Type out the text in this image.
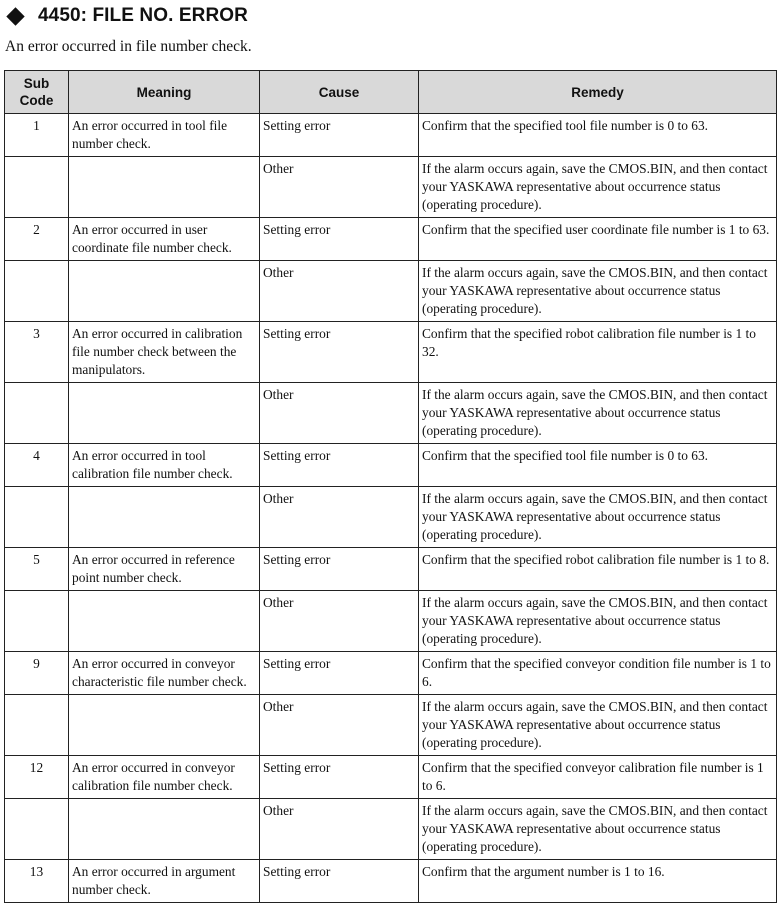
4450: FILE NO. ERROR
An error occurred in file number check.
Sub Code	Meaning	Cause	Remedy
1	An error occurred in tool file number check.	Setting error	Confirm that the specified tool file number is 0 to 63.
		Other	If the alarm occurs again, save the CMOS.BIN, and then contact your YASKAWA representative about occurrence status (operating procedure).
2	An error occurred in user coordinate file number check.	Setting error	Confirm that the specified user coordinate file number is 1 to 63.
		Other	If the alarm occurs again, save the CMOS.BIN, and then contact your YASKAWA representative about occurrence status (operating procedure).
3	An error occurred in calibration file number check between the manipulators.	Setting error	Confirm that the specified robot calibration file number is 1 to 32.
		Other	If the alarm occurs again, save the CMOS.BIN, and then contact your YASKAWA representative about occurrence status (operating procedure).
4	An error occurred in tool calibration file number check.	Setting error	Confirm that the specified tool file number is 0 to 63.
		Other	If the alarm occurs again, save the CMOS.BIN, and then contact your YASKAWA representative about occurrence status (operating procedure).
5	An error occurred in reference point number check.	Setting error	Confirm that the specified robot calibration file number is 1 to 8.
		Other	If the alarm occurs again, save the CMOS.BIN, and then contact your YASKAWA representative about occurrence status (operating procedure).
9	An error occurred in conveyor characteristic file number check.	Setting error	Confirm that the specified conveyor condition file number is 1 to 6.
		Other	If the alarm occurs again, save the CMOS.BIN, and then contact your YASKAWA representative about occurrence status (operating procedure).
12	An error occurred in conveyor calibration file number check.	Setting error	Confirm that the specified conveyor calibration file number is 1 to 6.
		Other	If the alarm occurs again, save the CMOS.BIN, and then contact your YASKAWA representative about occurrence status (operating procedure).
13	An error occurred in argument number check.	Setting error	Confirm that the argument number is 1 to 16.
